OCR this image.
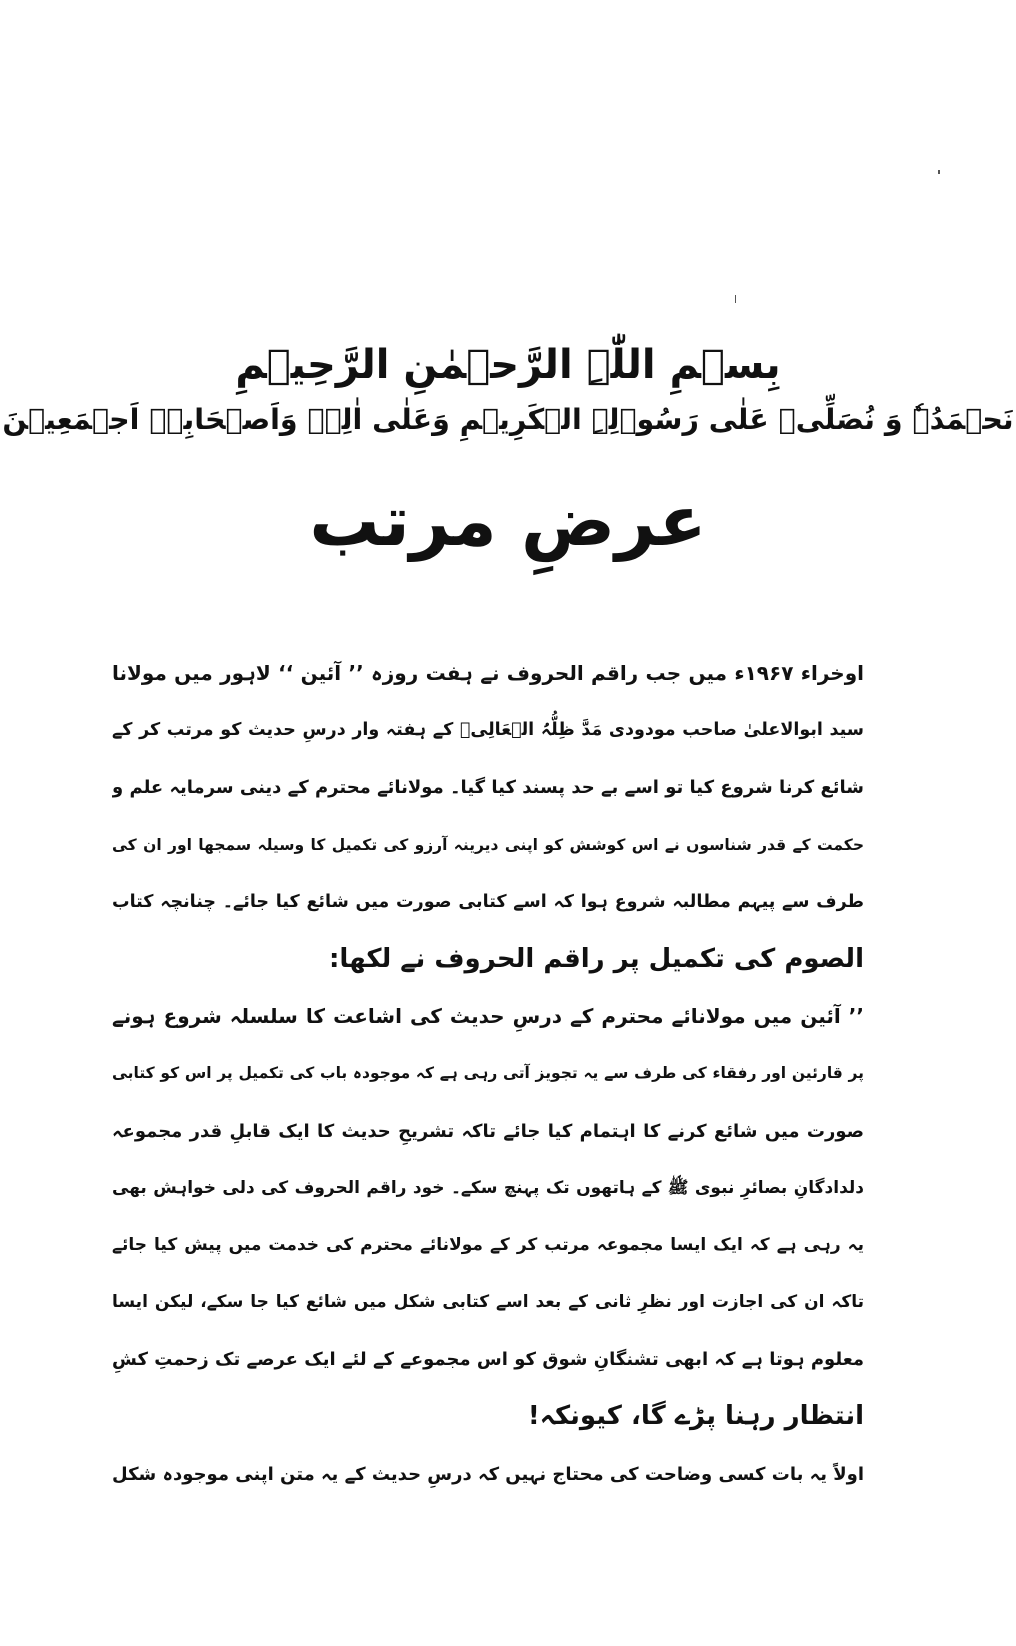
بِسۡمِ اللّٰہِ الرَّحۡمٰنِ الرَّحِیۡمِ
نَحۡمَدُہٗ وَ نُصَلِّیۡ عَلٰی رَسُوۡلِہِ الۡکَرِیۡمِ وَعَلٰی اٰلِہٖ وَاَصۡحَابِہٖ اَجۡمَعِیۡنَ
عرضِ مرتب
اوخراء ۱۹۶۷ء میں جب راقم الحروف نے ہفت روزہ ’’ آئین ‘‘ لاہور میں مولانا
سید ابوالاعلیٰ صاحب مودودی مَدَّ ظِلُّہُ الۡعَالِیۡ کے ہفتہ وار درسِ حدیث کو مرتب کر کے
شائع کرنا شروع کیا تو اسے بے حد پسند کیا گیا۔ مولانائے محترم کے دینی سرمایہ علم و
حکمت کے قدر شناسوں نے اس کوشش کو اپنی دیرینہ آرزو کی تکمیل کا وسیلہ سمجھا اور ان کی
طرف سے پیہم مطالبہ شروع ہوا کہ اسے کتابی صورت میں شائع کیا جائے۔ چنانچہ کتاب
الصوم کی تکمیل پر راقم الحروف نے لکھا:
’’ آئین میں مولانائے محترم کے درسِ حدیث کی اشاعت کا سلسلہ شروع ہونے
پر قارئین اور رفقاء کی طرف سے یہ تجویز آتی رہی ہے کہ موجودہ باب کی تکمیل پر اس کو کتابی
صورت میں شائع کرنے کا اہتمام کیا جائے تاکہ تشریحِ حدیث کا ایک قابلِ قدر مجموعہ
دلدادگانِ بصائرِ نبوی ﷺ کے ہاتھوں تک پہنچ سکے۔ خود راقم الحروف کی دلی خواہش بھی
یہ رہی ہے کہ ایک ایسا مجموعہ مرتب کر کے مولانائے محترم کی خدمت میں پیش کیا جائے
تاکہ ان کی اجازت اور نظرِ ثانی کے بعد اسے کتابی شکل میں شائع کیا جا سکے، لیکن ایسا
معلوم ہوتا ہے کہ ابھی تشنگانِ شوق کو اس مجموعے کے لئے ایک عرصے تک زحمتِ کشِ
انتظار رہنا پڑے گا، کیونکہ!
اولاً یہ بات کسی وضاحت کی محتاج نہیں کہ درسِ حدیث کے یہ متن اپنی موجودہ شکل
